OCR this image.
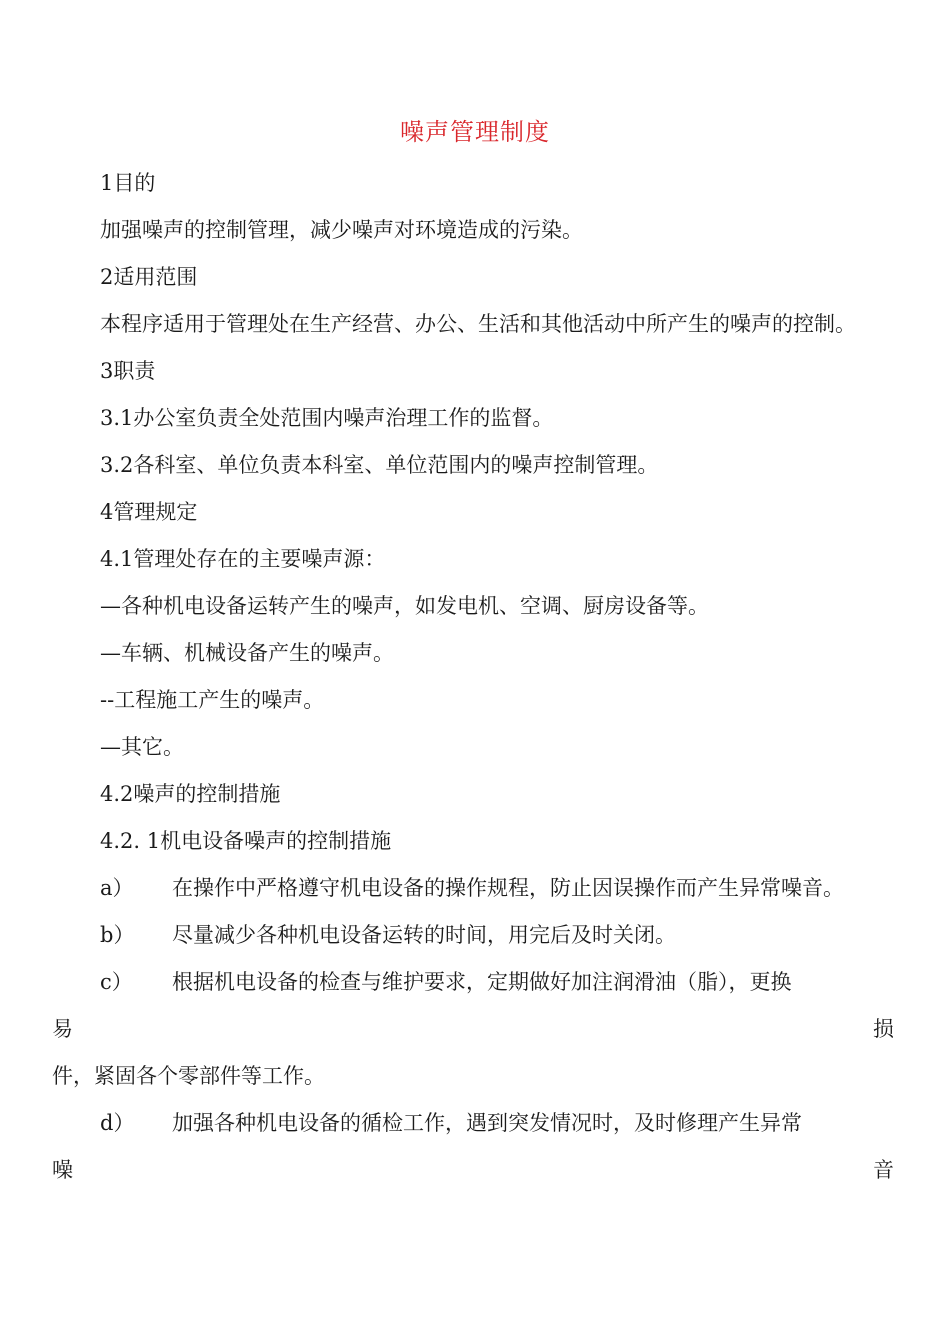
噪声管理制度

1目的

加强噪声的控制管理，减少噪声对环境造成的污染。

2适用范围

本程序适用于管理处在生产经营、办公、生活和其他活动中所产生的噪声的控制。

3职责

3.1办公室负责全处范围内噪声治理工作的监督。

3.2各科室、单位负责本科室、单位范围内的噪声控制管理。

4管理规定

4.1管理处存在的主要噪声源：

—各种机电设备运转产生的噪声，如发电机、空调、厨房设备等。

—车辆、机械设备产生的噪声。

--工程施工产生的噪声。

—其它。

4.2噪声的控制措施

4.2. 1机电设备噪声的控制措施

a） 在操作中严格遵守机电设备的操作规程，防止因误操作而产生异常噪音。

b） 尽量减少各种机电设备运转的时间，用完后及时关闭。

c） 根据机电设备的检查与维护要求，定期做好加注润滑油（脂），更换

易	损

件，紧固各个零部件等工作。

d） 加强各种机电设备的循检工作，遇到突发情况时，及时修理产生异常

噪	音
